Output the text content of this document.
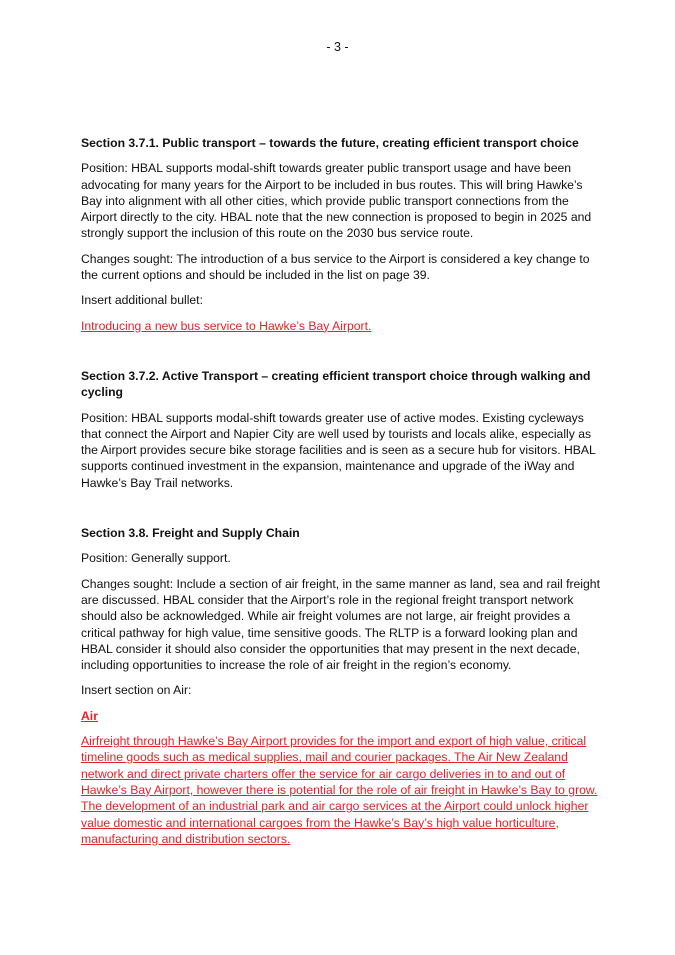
- 3 -

Section 3.7.1. Public transport – towards the future, creating efficient transport choice

Position: HBAL supports modal-shift towards greater public transport usage and have been advocating for many years for the Airport to be included in bus routes. This will bring Hawke’s Bay into alignment with all other cities, which provide public transport connections from the Airport directly to the city. HBAL note that the new connection is proposed to begin in 2025 and strongly support the inclusion of this route on the 2030 bus service route.

Changes sought: The introduction of a bus service to the Airport is considered a key change to the current options and should be included in the list on page 39.

Insert additional bullet:

Introducing a new bus service to Hawke’s Bay Airport.

Section 3.7.2. Active Transport – creating efficient transport choice through walking and cycling

Position: HBAL supports modal-shift towards greater use of active modes. Existing cycleways that connect the Airport and Napier City are well used by tourists and locals alike, especially as the Airport provides secure bike storage facilities and is seen as a secure hub for visitors. HBAL supports continued investment in the expansion, maintenance and upgrade of the iWay and Hawke’s Bay Trail networks.

Section 3.8. Freight and Supply Chain

Position: Generally support.

Changes sought: Include a section of air freight, in the same manner as land, sea and rail freight are discussed. HBAL consider that the Airport’s role in the regional freight transport network should also be acknowledged. While air freight volumes are not large, air freight provides a critical pathway for high value, time sensitive goods. The RLTP is a forward looking plan and HBAL consider it should also consider the opportunities that may present in the next decade, including opportunities to increase the role of air freight in the region’s economy.

Insert section on Air:

Air

Airfreight through Hawke’s Bay Airport provides for the import and export of high value, critical timeline goods such as medical supplies, mail and courier packages. The Air New Zealand network and direct private charters offer the service for air cargo deliveries in to and out of Hawke’s Bay Airport, however there is potential for the role of air freight in Hawke’s Bay to grow. The development of an industrial park and air cargo services at the Airport could unlock higher value domestic and international cargoes from the Hawke’s Bay’s high value horticulture, manufacturing and distribution sectors.
